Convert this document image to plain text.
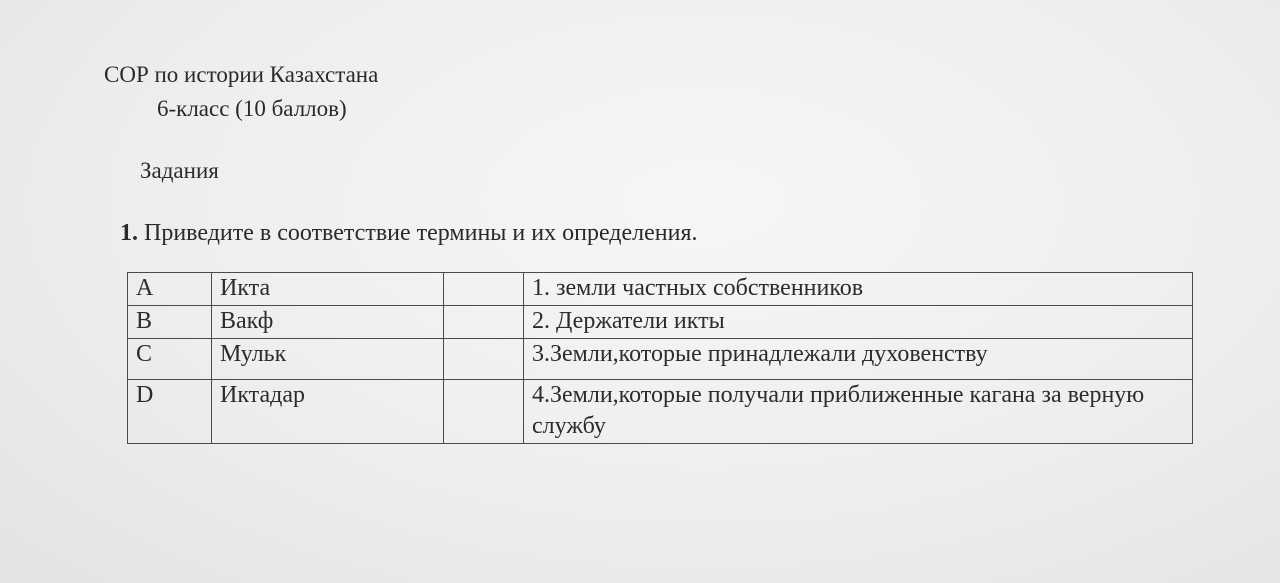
СОР по истории Казахстана
6-класс (10 баллов)
Задания
1. Приведите в соответствие термины и их определения.
A	Икта		1. земли частных собственников
B	Вакф		2. Держатели икты
C	Мульк		3.Земли,которые принадлежали духовенству
D	Иктадар		4.Земли,которые получали приближенные кагана за верную службу
